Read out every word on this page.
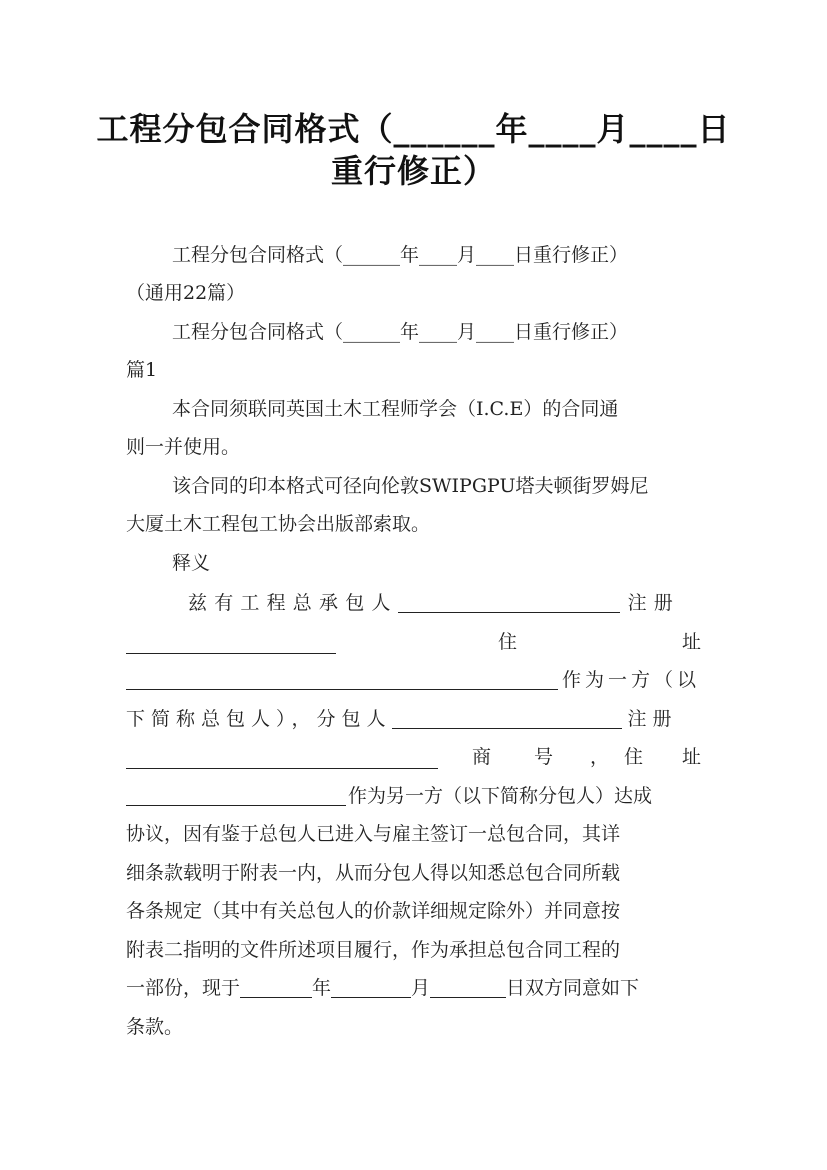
工程分包合同格式（______年____月____日
重行修正）
工程分包合同格式（______年____月____日重行修正）
（通用22篇）
工程分包合同格式（______年____月____日重行修正）
篇1
本合同须联同英国土木工程师学会（I.C.E）的合同通
则一并使用。
该合同的印本格式可径向伦敦SWIPGPU塔夫顿街罗姆尼
大厦土木工程包工协会出版部索取。
释义
兹有工程总承包人	注册
住	址
作为一方（以
下简称总包人），分包人	注册
商 号 ， 住 址
作为另一方（以下简称分包人）达成
协议，因有鉴于总包人已进入与雇主签订一总包合同，其详
细条款载明于附表一内，从而分包人得以知悉总包合同所载
各条规定（其中有关总包人的价款详细规定除外）并同意按
附表二指明的文件所述项目履行，作为承担总包合同工程的
一部份，现于	年	月	日双方同意如下
条款。
